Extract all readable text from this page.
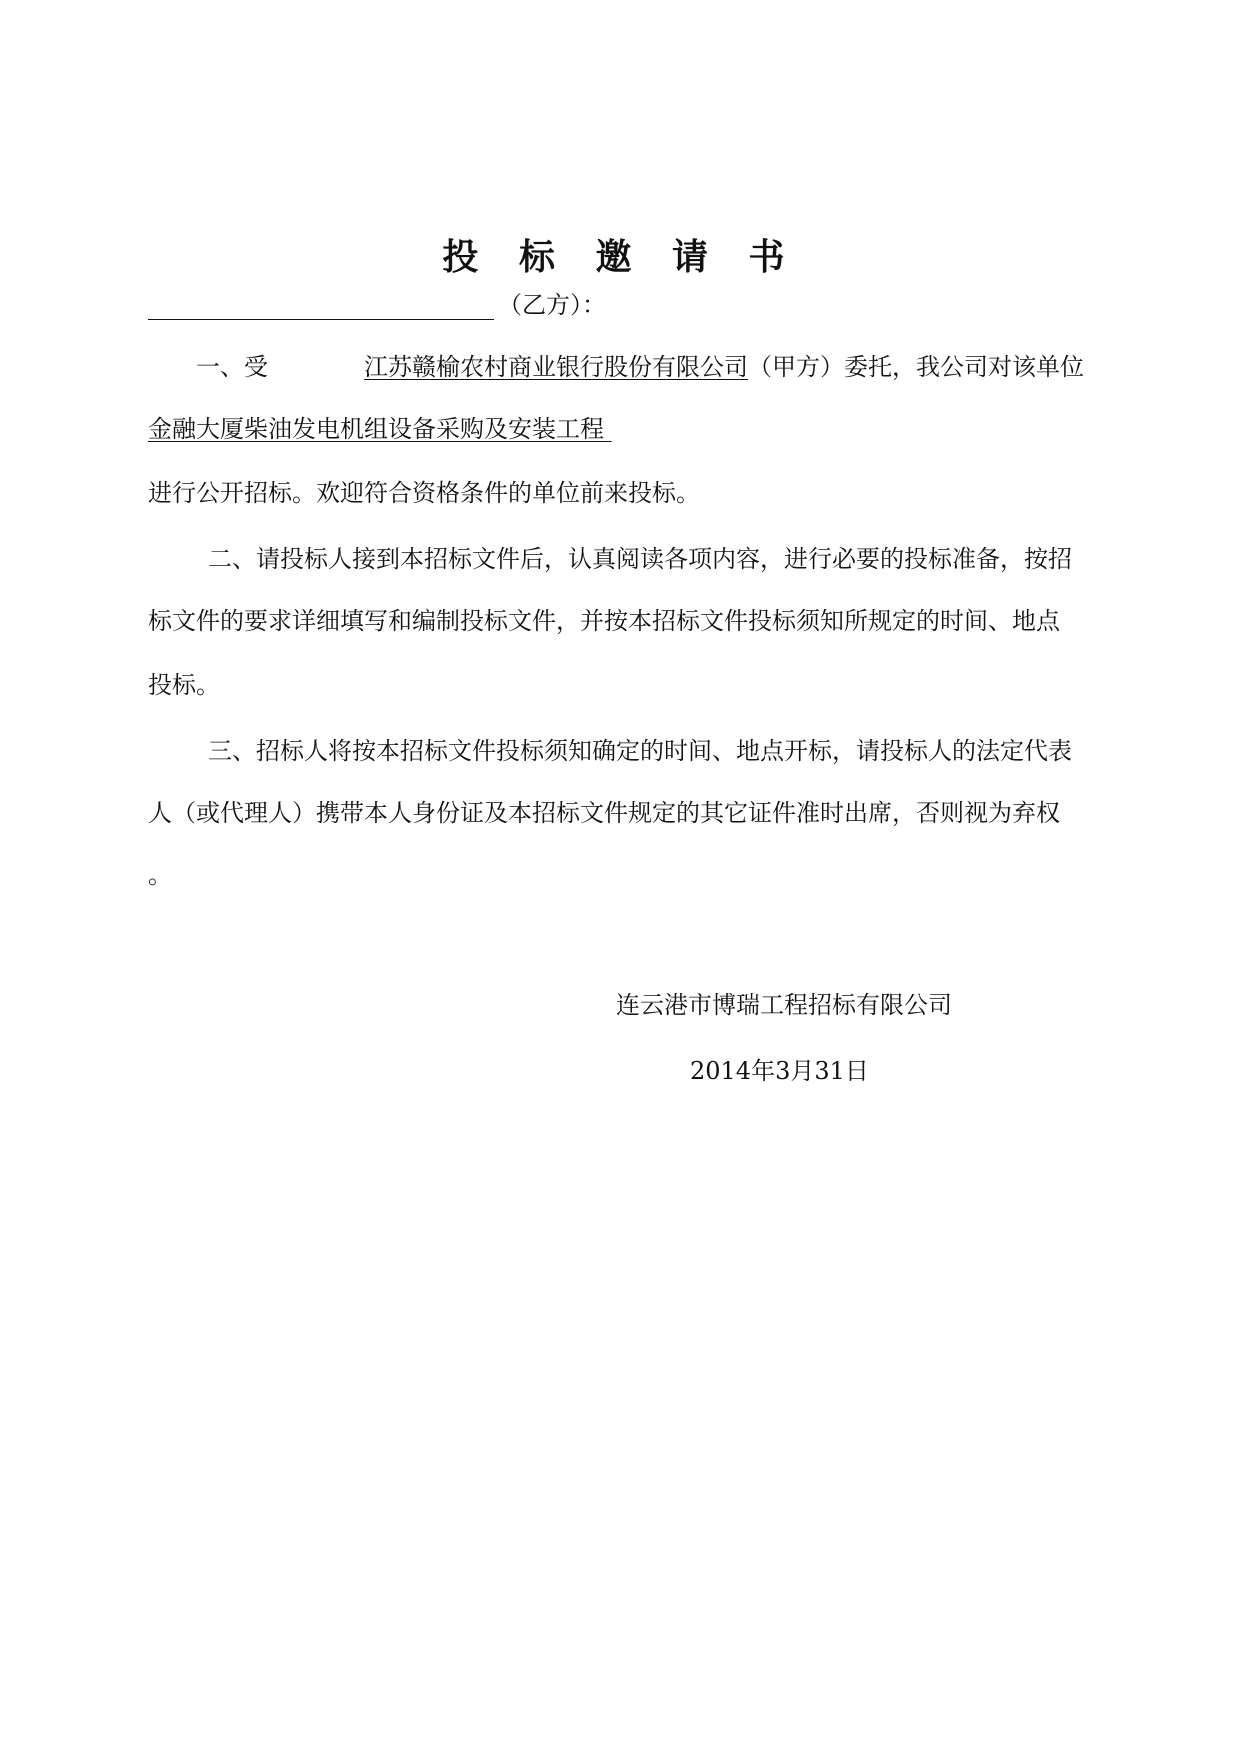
投 标 邀 请 书
（乙方）：
一、受	江苏赣榆农村商业银行股份有限公司（甲方）委托，我公司对该单位
金融大厦柴油发电机组设备采购及安装工程
进行公开招标。欢迎符合资格条件的单位前来投标。
二、请投标人接到本招标文件后，认真阅读各项内容，进行必要的投标准备，按招
标文件的要求详细填写和编制投标文件，并按本招标文件投标须知所规定的时间、地点
投标。
三、招标人将按本招标文件投标须知确定的时间、地点开标，请投标人的法定代表
人（或代理人）携带本人身份证及本招标文件规定的其它证件准时出席，否则视为弃权
。
连云港市博瑞工程招标有限公司
2014年3月31日
